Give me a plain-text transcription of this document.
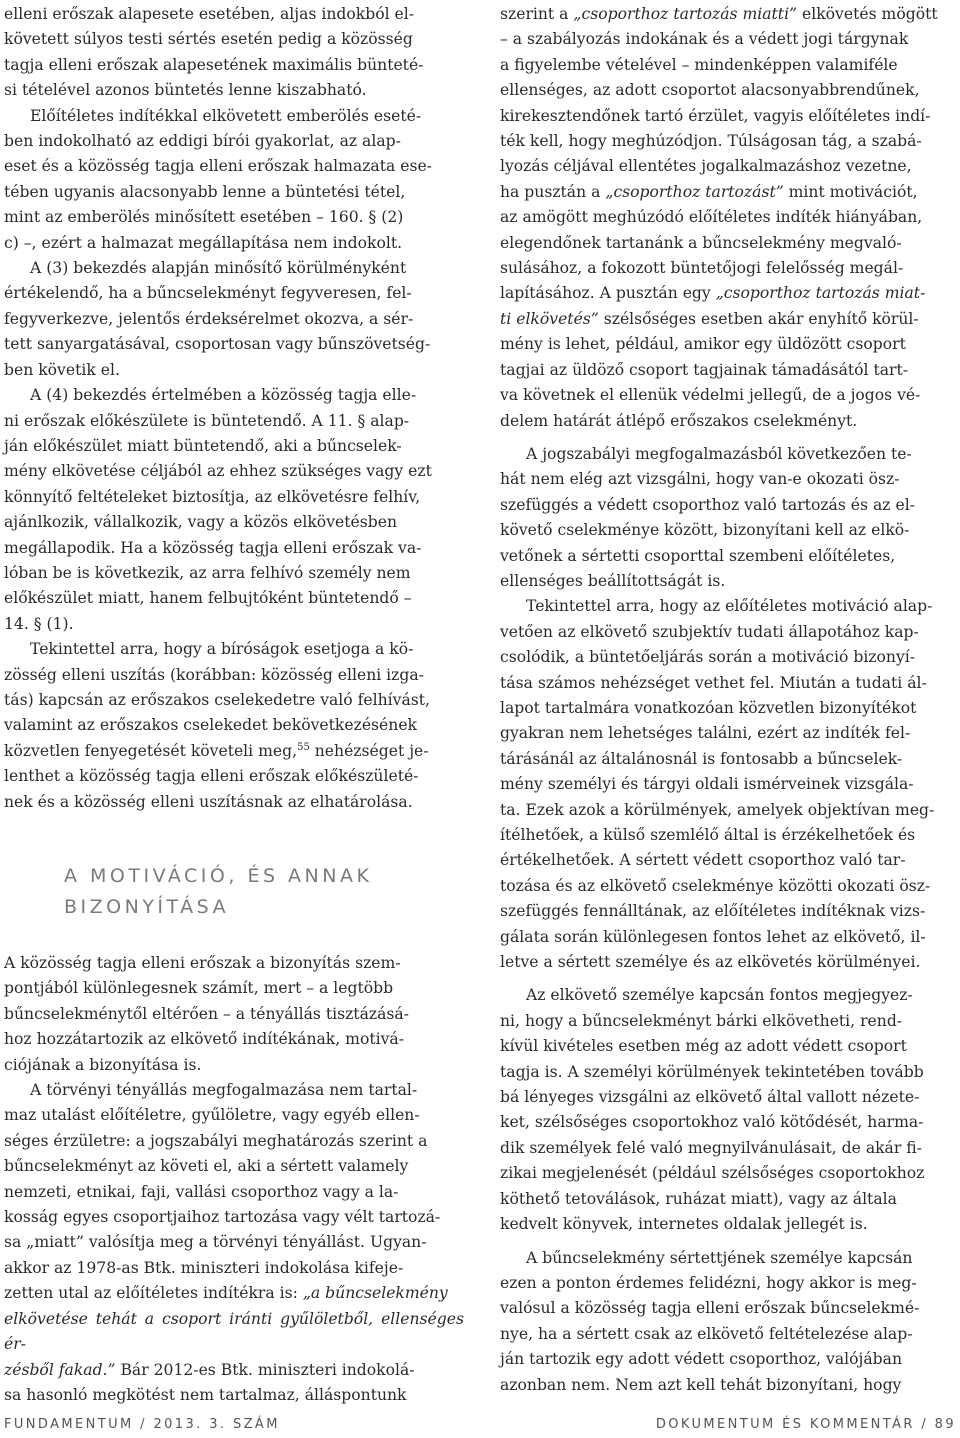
elleni erőszak alapesete esetében, aljas indokból el-

követett súlyos testi sértés esetén pedig a közösség

tagja elleni erőszak alapesetének maximális bünteté-

si tételével azonos büntetés lenne kiszabható.

Előítéletes indítékkal elkövetett emberölés eseté-

ben indokolható az eddigi bírói gyakorlat, az alap-

eset és a közösség tagja elleni erőszak halmazata ese-

tében ugyanis alacsonyabb lenne a büntetési tétel,

mint az emberölés minősített esetében – 160. § (2)

c) –, ezért a halmazat megállapítása nem indokolt.

A (3) bekezdés alapján minősítő körülményként

értékelendő, ha a bűncselekményt fegyveresen, fel-

fegyverkezve, jelentős érdeksérelmet okozva, a sér-

tett sanyargatásával, csoportosan vagy bűnszövetség-

ben követik el.

A (4) bekezdés értelmében a közösség tagja elle-

ni erőszak előkészülete is büntetendő. A 11. § alap-

ján előkészület miatt büntetendő, aki a bűncselek-

mény elkövetése céljából az ehhez szükséges vagy ezt

könnyítő feltételeket biztosítja, az elkövetésre felhív,

ajánlkozik, vállalkozik, vagy a közös elkövetésben

megállapodik. Ha a közösség tagja elleni erőszak va-

lóban be is következik, az arra felhívó személy nem

előkészület miatt, hanem felbujtóként büntetendő –

14. § (1).

Tekintettel arra, hogy a bíróságok esetjoga a kö-

zösség elleni uszítás (korábban: közösség elleni izga-

tás) kapcsán az erőszakos cselekedetre való felhívást,

valamint az erőszakos cselekedet bekövetkezésének

közvetlen fenyegetését követeli meg,$^{55}$ nehézséget je-

lenthet a közösség tagja elleni erőszak előkészületé-

nek és a közösség elleni uszításnak az elhatárolása.

A MOTIVÁCIÓ, ÉS ANNAK
BIZONYÍTÁSA

A közösség tagja elleni erőszak a bizonyítás szem-

pontjából különlegesnek számít, mert – a legtöbb

bűncselekménytől eltérően – a tényállás tisztázásá-

hoz hozzátartozik az elkövető indítékának, motivá-

ciójának a bizonyítása is.

A törvényi tényállás megfogalmazása nem tartal-

maz utalást előítéletre, gyűlöletre, vagy egyéb ellen-

séges érzületre: a jogszabályi meghatározás szerint a

bűncselekményt az követi el, aki a sértett valamely

nemzeti, etnikai, faji, vallási csoporthoz vagy a la-

kosság egyes csoportjaihoz tartozása vagy vélt tartozá-

sa „miatt” valósítja meg a törvényi tényállást. Ugyan-

akkor az 1978-as Btk. miniszteri indokolása kifeje-

zetten utal az előítéletes indítékra is: „a bűncselekmény

elkövetése tehát a csoport iránti gyűlöletből, ellenséges ér-

zésből fakad.” Bár 2012-es Btk. miniszteri indokolá-

sa hasonló megkötést nem tartalmaz, álláspontunk

szerint a „csoporthoz tartozás miatti” elkövetés mögött

– a szabályozás indokának és a védett jogi tárgynak

a figyelembe vételével – mindenképpen valamiféle

ellenséges, az adott csoportot alacsonyabbrendűnek,

kirekesztendőnek tartó érzület, vagyis előítéletes indí-

ték kell, hogy meghúzódjon. Túlságosan tág, a szabá-

lyozás céljával ellentétes jogalkalmazáshoz vezetne,

ha pusztán a „csoporthoz tartozást” mint motivációt,

az amögött meghúzódó előítéletes indíték hiányában,

elegendőnek tartanánk a bűncselekmény megvaló-

sulásához, a fokozott büntetőjogi felelősség megál-

lapításához. A pusztán egy „csoporthoz tartozás miat-

ti elkövetés” szélsőséges esetben akár enyhítő körül-

mény is lehet, például, amikor egy üldözött csoport

tagjai az üldöző csoport tagjainak támadásától tart-

va követnek el ellenük védelmi jellegű, de a jogos vé-

delem határát átlépő erőszakos cselekményt.

A jogszabályi megfogalmazásból következően te-

hát nem elég azt vizsgálni, hogy van-e okozati ösz-

szefüggés a védett csoporthoz való tartozás és az el-

követő cselekménye között, bizonyítani kell az elkö-

vetőnek a sértetti csoporttal szembeni előítéletes,

ellenséges beállítottságát is.

Tekintettel arra, hogy az előítéletes motiváció alap-

vetően az elkövető szubjektív tudati állapotához kap-

csolódik, a büntetőeljárás során a motiváció bizonyí-

tása számos nehézséget vethet fel. Miután a tudati ál-

lapot tartalmára vonatkozóan közvetlen bizonyítékot

gyakran nem lehetséges találni, ezért az indíték fel-

tárásánál az általánosnál is fontosabb a bűncselek-

mény személyi és tárgyi oldali ismérveinek vizsgála-

ta. Ezek azok a körülmények, amelyek objektívan meg-

ítélhetőek, a külső szemlélő által is érzékelhetőek és

értékelhetőek. A sértett védett csoporthoz való tar-

tozása és az elkövető cselekménye közötti okozati ösz-

szefüggés fennálltának, az előítéletes indítéknak vizs-

gálata során különlegesen fontos lehet az elkövető, il-

letve a sértett személye és az elkövetés körülményei.

Az elkövető személye kapcsán fontos megjegyez-

ni, hogy a bűncselekményt bárki elkövetheti, rend-

kívül kivételes esetben még az adott védett csoport

tagja is. A személyi körülmények tekintetében tovább

bá lényeges vizsgálni az elkövető által vallott nézete-

ket, szélsőséges csoportokhoz való kötődését, harma-

dik személyek felé való megnyilvánulásait, de akár fi-

zikai megjelenését (például szélsőséges csoportokhoz

köthető tetoválások, ruházat miatt), vagy az általa

kedvelt könyvek, internetes oldalak jellegét is.

A bűncselekmény sértettjének személye kapcsán

ezen a ponton érdemes felidézni, hogy akkor is meg-

valósul a közösség tagja elleni erőszak bűncselekmé-

nye, ha a sértett csak az elkövető feltételezése alap-

ján tartozik egy adott védett csoporthoz, valójában

azonban nem. Nem azt kell tehát bizonyítani, hogy

FUNDAMENTUM / 2013. 3. SZÁM	DOKUMENTUM ÉS KOMMENTÁR / 89
